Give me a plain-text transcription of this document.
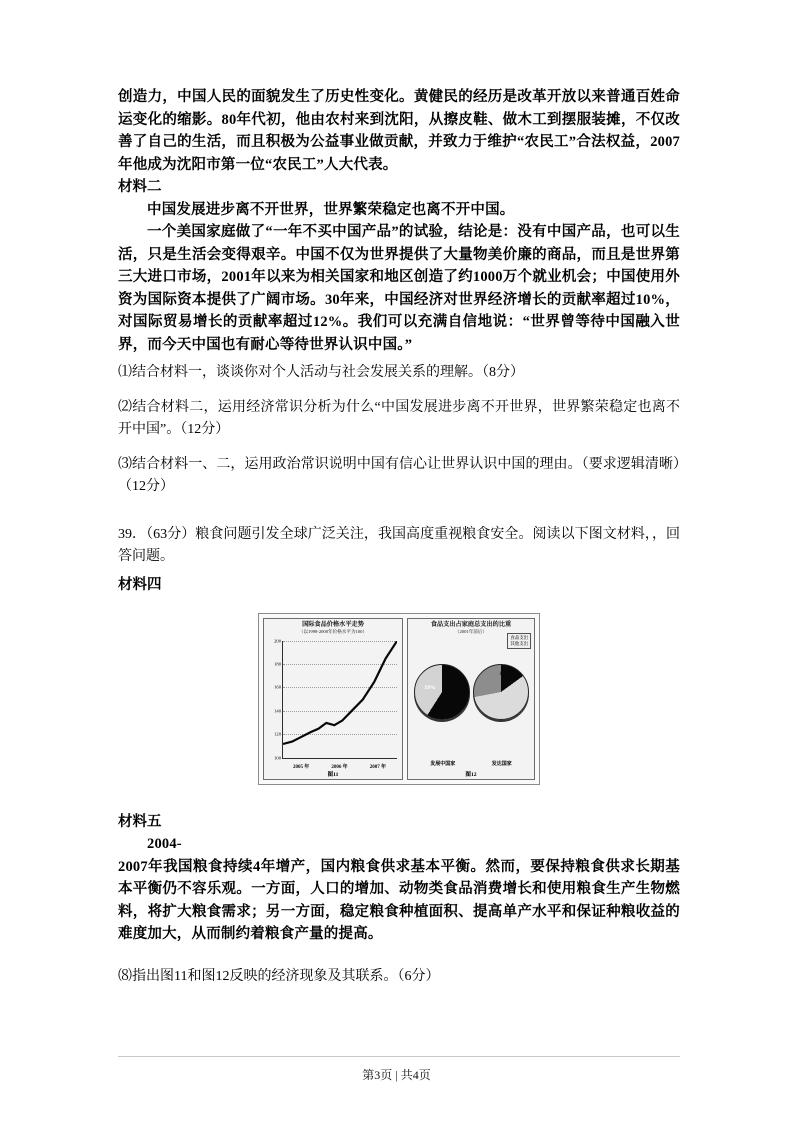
创造力，中国人民的面貌发生了历史性变化。黄健民的经历是改革开放以来普通百姓命运变化的缩影。80年代初，他由农村来到沈阳，从擦皮鞋、做木工到摆服装摊，不仅改善了自己的生活，而且积极为公益事业做贡献，并致力于维护“农民工”合法权益，2007年他成为沈阳市第一位“农民工”人大代表。

材料二

中国发展进步离不开世界，世界繁荣稳定也离不开中国。

一个美国家庭做了“一年不买中国产品”的试验，结论是：没有中国产品，也可以生活，只是生活会变得艰辛。中国不仅为世界提供了大量物美价廉的商品，而且是世界第三大进口市场，2001年以来为相关国家和地区创造了约1000万个就业机会；中国使用外资为国际资本提供了广阔市场。30年来，中国经济对世界经济增长的贡献率超过10%，对国际贸易增长的贡献率超过12%。我们可以充满自信地说：“世界曾等待中国融入世界，而今天中国也有耐心等待世界认识中国。”

⑴结合材料一，谈谈你对个人活动与社会发展关系的理解。（8分）

⑵结合材料二，运用经济常识分析为什么“中国发展进步离不开世界，世界繁荣稳定也离不开中国”。（12分）

⑶结合材料一、二，运用政治常识说明中国有信心让世界认识中国的理由。（要求逻辑清晰）（12分）

39．（63分）粮食问题引发全球广泛关注，我国高度重视粮食安全。阅读以下图文材料，，回答问题。

材料四

国际食品价格水平走势
（以1998-2000年价格水平为100）
200
180
160
140
120
100
2005 年	2006 年	2007 年
图11
食品支出占家庭总支出的比重
（2001年前后）
食品支出
其他支出
59%
15%
发展中国家	发达国家
图12

材料五

2004-

2007年我国粮食持续4年增产，国内粮食供求基本平衡。然而，要保持粮食供求长期基本平衡仍不容乐观。一方面，人口的增加、动物类食品消费增长和使用粮食生产生物燃料，将扩大粮食需求；另一方面，稳定粮食种植面积、提高单产水平和保证种粮收益的难度加大，从而制约着粮食产量的提高。

⑻指出图11和图12反映的经济现象及其联系。（6分）

第3页 | 共4页
